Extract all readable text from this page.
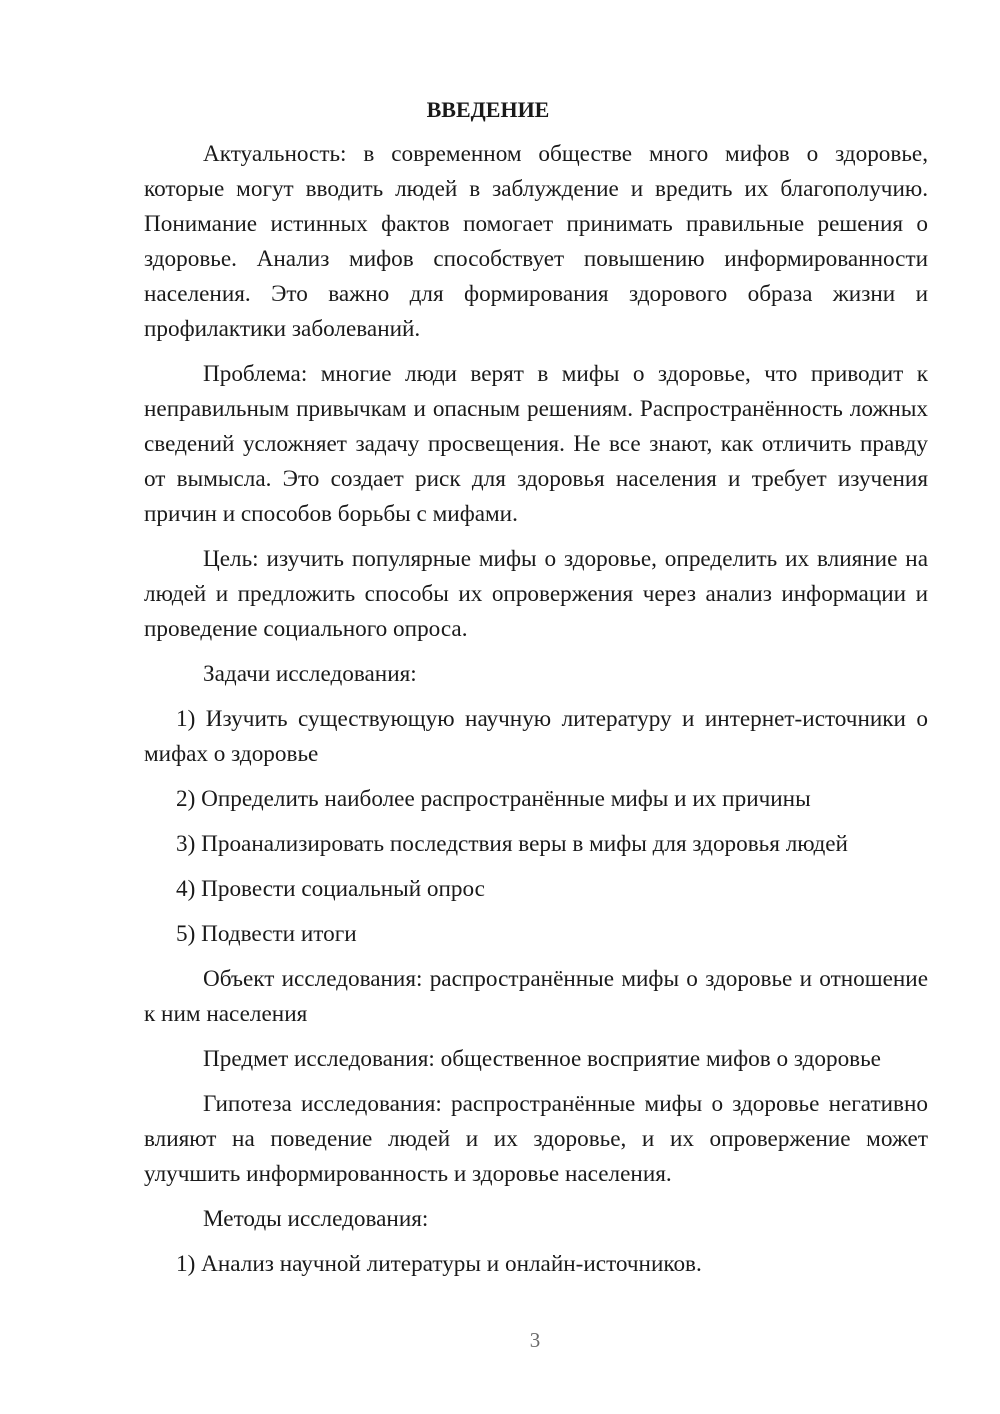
ВВЕДЕНИЕ

Актуальность: в современном обществе много мифов о здоровье, которые могут вводить людей в заблуждение и вредить их благополучию. Понимание истинных фактов помогает принимать правильные решения о здоровье. Анализ мифов способствует повышению информированности населения. Это важно для формирования здорового образа жизни и профилактики заболеваний.

Проблема: многие люди верят в мифы о здоровье, что приводит к неправильным привычкам и опасным решениям. Распространённость ложных сведений усложняет задачу просвещения. Не все знают, как отличить правду от вымысла. Это создает риск для здоровья населения и требует изучения причин и способов борьбы с мифами.

Цель: изучить популярные мифы о здоровье, определить их влияние на людей и предложить способы их опровержения через анализ информации и проведение социального опроса.

Задачи исследования:

1) Изучить существующую научную литературу и интернет-источники о мифах о здоровье

2) Определить наиболее распространённые мифы и их причины

3) Проанализировать последствия веры в мифы для здоровья людей

4) Провести социальный опрос

5) Подвести итоги

Объект исследования: распространённые мифы о здоровье и отношение к ним населения

Предмет исследования: общественное восприятие мифов о здоровье

Гипотеза исследования: распространённые мифы о здоровье негативно влияют на поведение людей и их здоровье, и их опровержение может улучшить информированность и здоровье населения.

Методы исследования:

1) Анализ научной литературы и онлайн-источников.

3
